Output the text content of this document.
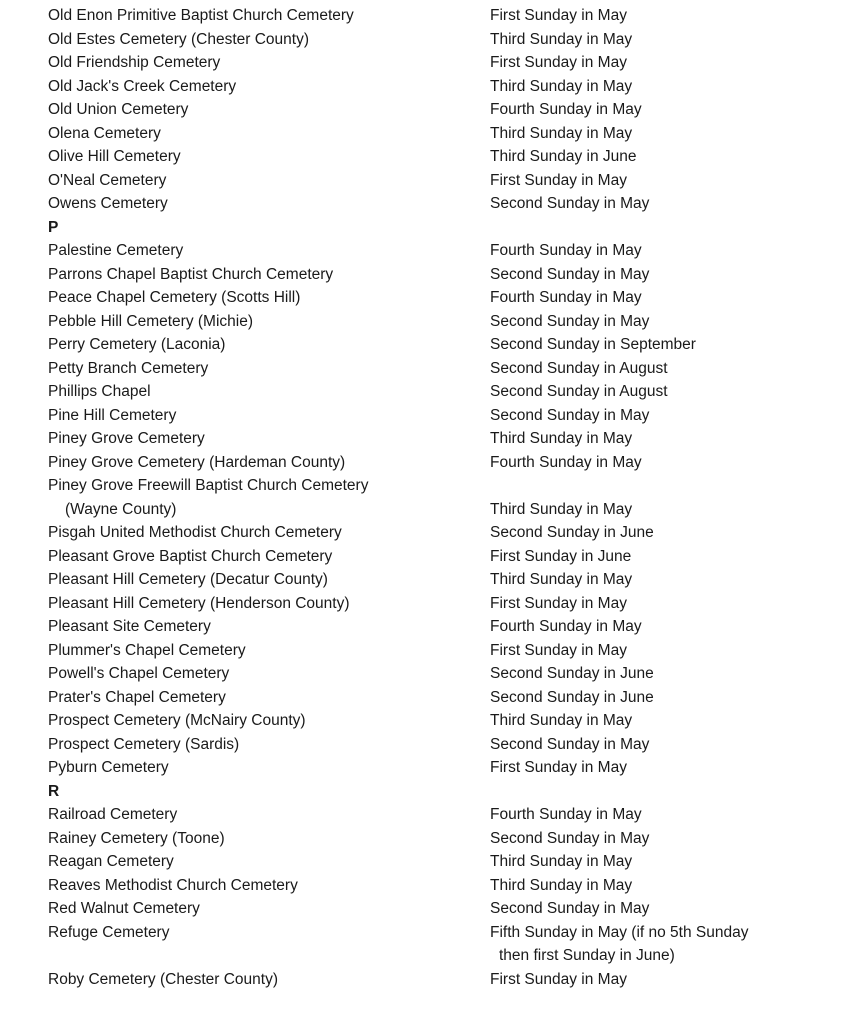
Old Enon Primitive Baptist Church Cemetery	First Sunday in May
Old Estes Cemetery (Chester County)	Third Sunday in May
Old Friendship Cemetery	First Sunday in May
Old Jack's Creek Cemetery	Third Sunday in May
Old Union Cemetery	Fourth Sunday in May
Olena Cemetery	Third Sunday in May
Olive Hill Cemetery	Third Sunday in June
O'Neal Cemetery	First Sunday in May
Owens Cemetery	Second Sunday in May
P
Palestine Cemetery	Fourth Sunday in May
Parrons Chapel Baptist Church Cemetery	Second Sunday in May
Peace Chapel Cemetery (Scotts Hill)	Fourth Sunday in May
Pebble Hill Cemetery (Michie)	Second Sunday in May
Perry Cemetery (Laconia)	Second Sunday in September
Petty Branch Cemetery	Second Sunday in August
Phillips Chapel	Second Sunday in August
Pine Hill Cemetery	Second Sunday in May
Piney Grove Cemetery	Third Sunday in May
Piney Grove Cemetery (Hardeman County)	Fourth Sunday in May
Piney Grove Freewill Baptist Church Cemetery
(Wayne County)	Third Sunday in May
Pisgah United Methodist Church Cemetery	Second Sunday in June
Pleasant Grove Baptist Church Cemetery	First Sunday in June
Pleasant Hill Cemetery (Decatur County)	Third Sunday in May
Pleasant Hill Cemetery (Henderson County)	First Sunday in May
Pleasant Site Cemetery	Fourth Sunday in May
Plummer's Chapel Cemetery	First Sunday in May
Powell's Chapel Cemetery	Second Sunday in June
Prater's Chapel Cemetery	Second Sunday in June
Prospect Cemetery (McNairy County)	Third Sunday in May
Prospect Cemetery (Sardis)	Second Sunday in May
Pyburn Cemetery	First Sunday in May
R
Railroad Cemetery	Fourth Sunday in May
Rainey Cemetery (Toone)	Second Sunday in May
Reagan Cemetery	Third Sunday in May
Reaves Methodist Church Cemetery	Third Sunday in May
Red Walnut Cemetery	Second Sunday in May
Refuge Cemetery	Fifth Sunday in May (if no 5th Sunday
then first Sunday in June)
Roby Cemetery (Chester County)	First Sunday in May
